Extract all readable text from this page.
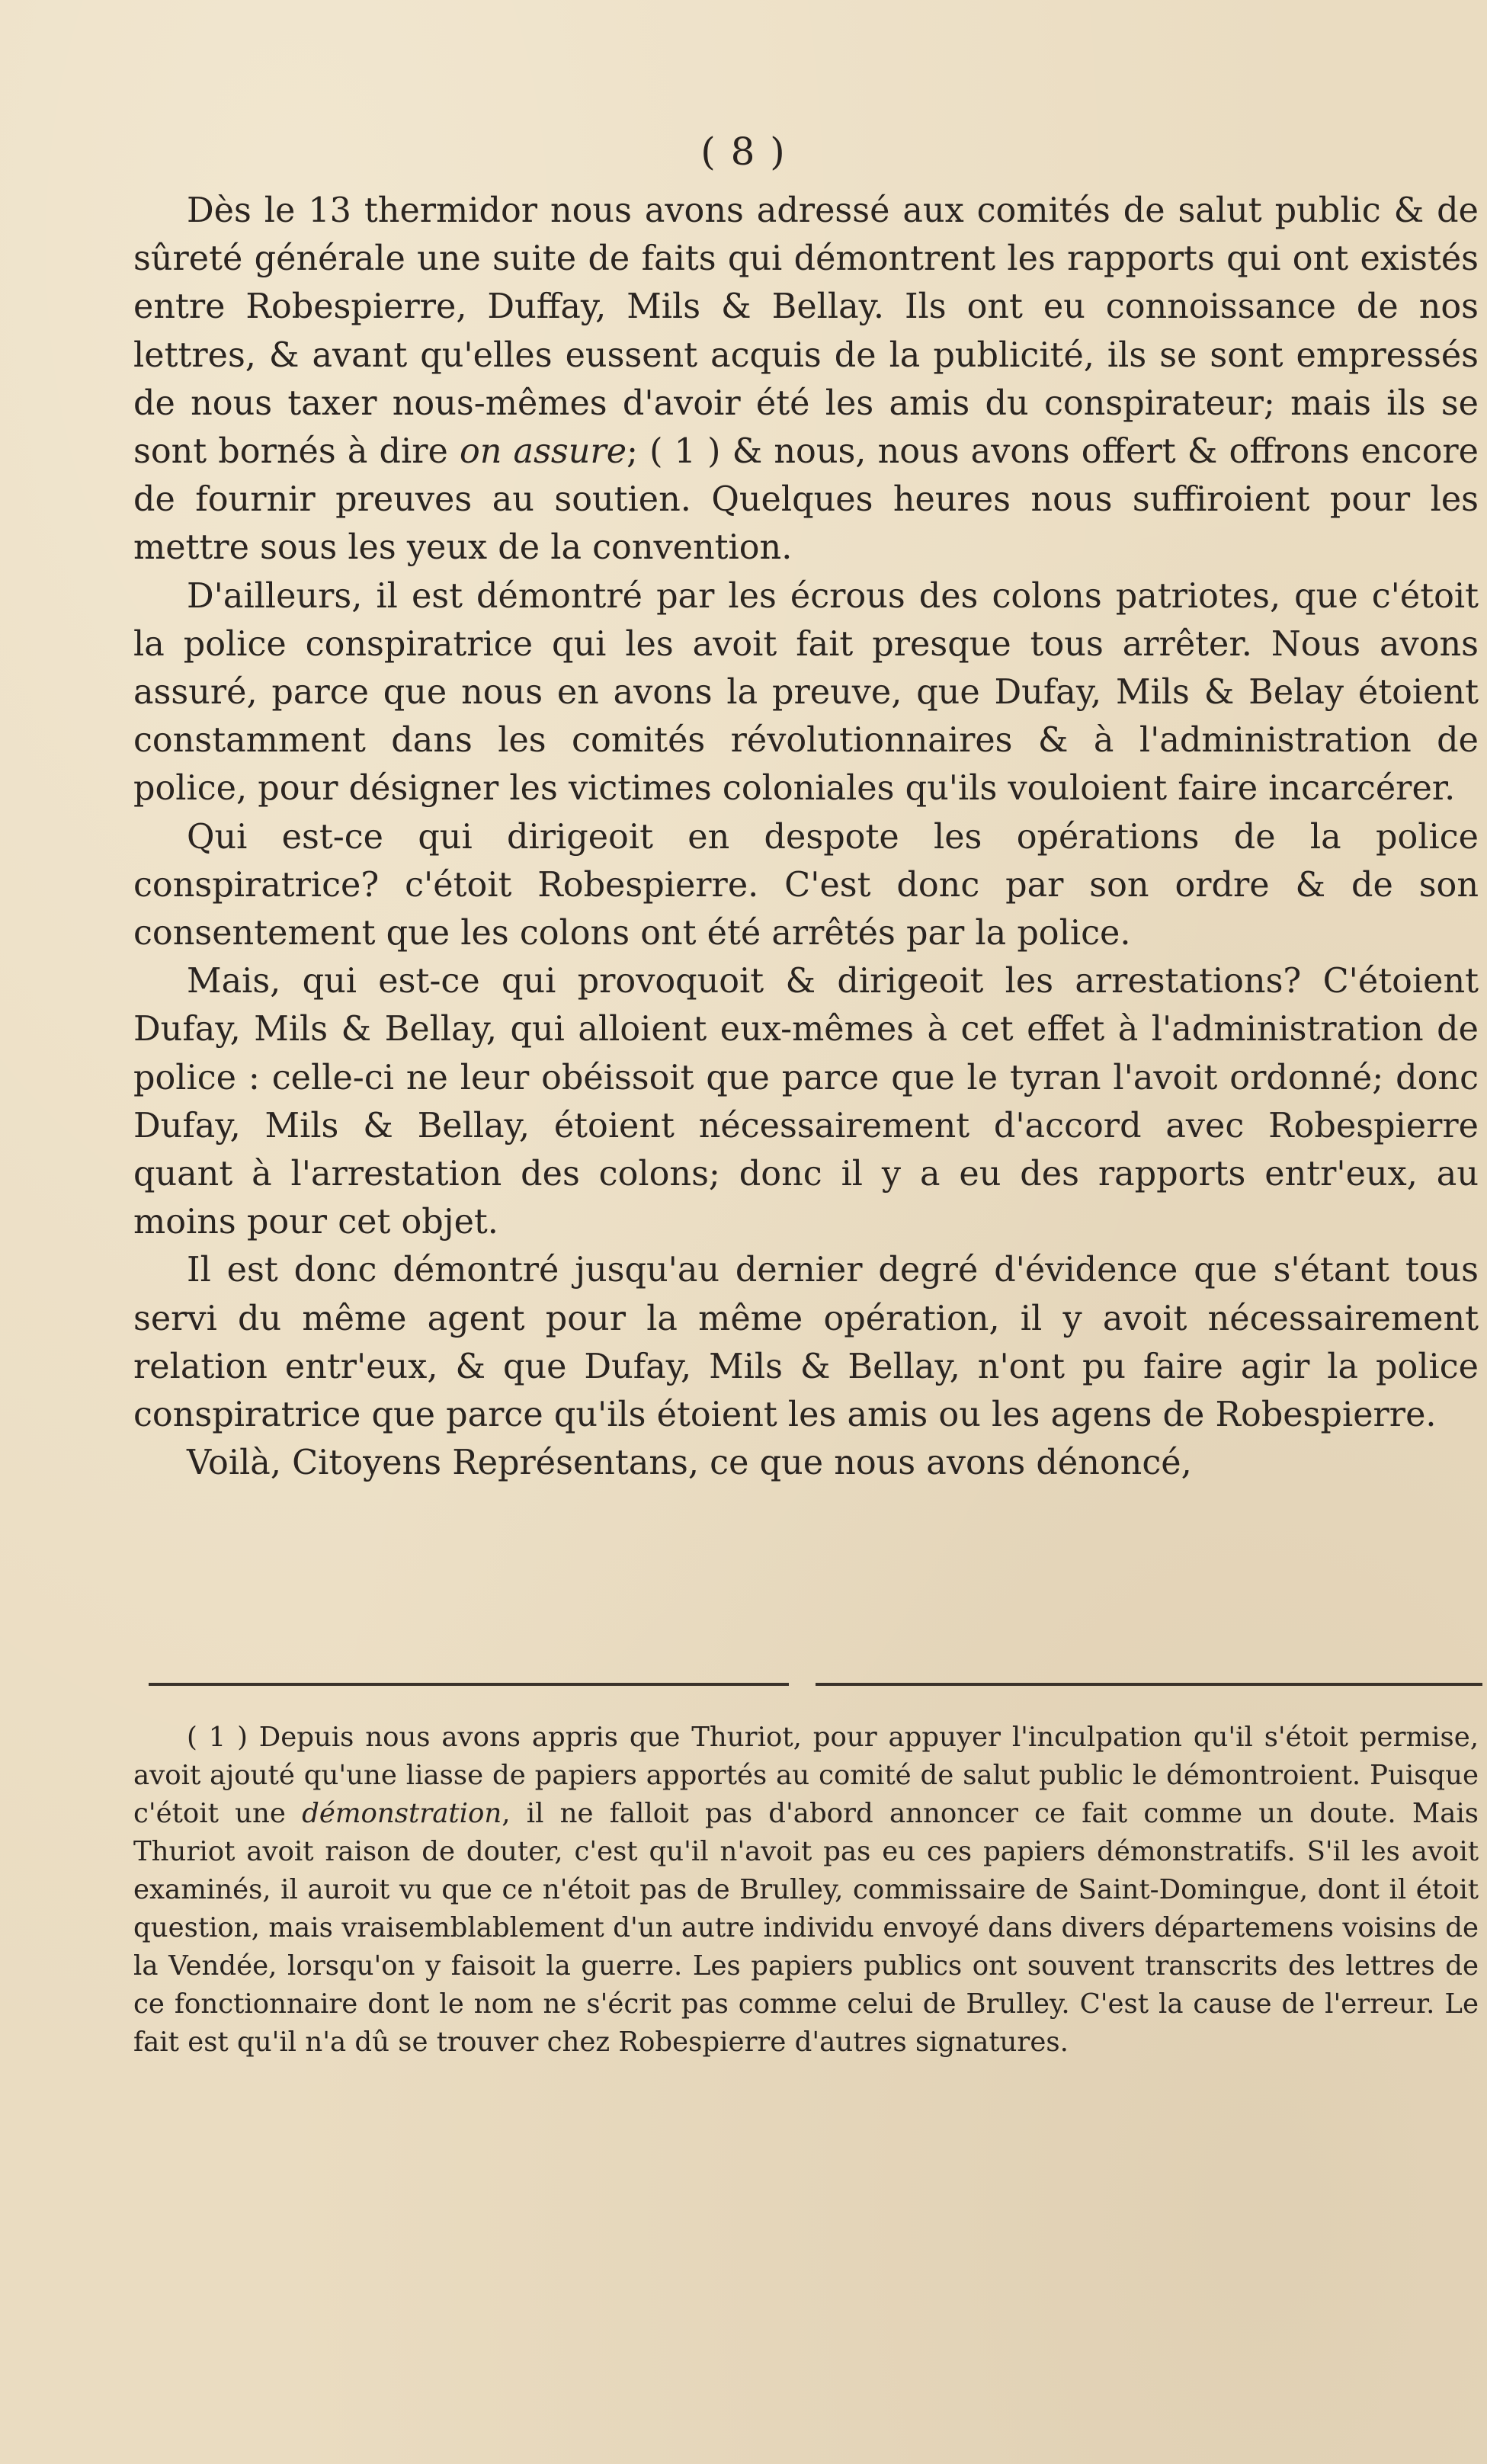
( 8 )

Dès le 13 thermidor nous avons adressé aux comités de salut public & de sûreté générale une suite de faits qui démontrent les rapports qui ont existés entre Robespierre, Duffay, Mils & Bellay. Ils ont eu connoissance de nos lettres, & avant qu'elles eussent acquis de la publicité, ils se sont empressés de nous taxer nous-mêmes d'avoir été les amis du conspirateur; mais ils se sont bornés à dire on assure; ( 1 ) & nous, nous avons offert & offrons encore de fournir preuves au soutien. Quelques heures nous suffiroient pour les mettre sous les yeux de la convention.

D'ailleurs, il est démontré par les écrous des colons patriotes, que c'étoit la police conspiratrice qui les avoit fait presque tous arrêter. Nous avons assuré, parce que nous en avons la preuve, que Dufay, Mils & Belay étoient constamment dans les comités révolutionnaires & à l'administration de police, pour désigner les victimes coloniales qu'ils vouloient faire incarcérer.

Qui est-ce qui dirigeoit en despote les opérations de la police conspiratrice? c'étoit Robespierre. C'est donc par son ordre & de son consentement que les colons ont été arrêtés par la police.

Mais, qui est-ce qui provoquoit & dirigeoit les arrestations? C'étoient Dufay, Mils & Bellay, qui alloient eux-mêmes à cet effet à l'administration de police : celle-ci ne leur obéissoit que parce que le tyran l'avoit ordonné; donc Dufay, Mils & Bellay, étoient nécessairement d'accord avec Robespierre quant à l'arrestation des colons; donc il y a eu des rapports entr'eux, au moins pour cet objet.

Il est donc démontré jusqu'au dernier degré d'évidence que s'étant tous servi du même agent pour la même opération, il y avoit nécessairement relation entr'eux, & que Dufay, Mils & Bellay, n'ont pu faire agir la police conspiratrice que parce qu'ils étoient les amis ou les agens de Robespierre.

Voilà, Citoyens Représentans, ce que nous avons dénoncé,

( 1 ) Depuis nous avons appris que Thuriot, pour appuyer l'inculpation qu'il s'étoit permise, avoit ajouté qu'une liasse de papiers apportés au comité de salut public le démontroient. Puisque c'étoit une démonstration, il ne falloit pas d'abord annoncer ce fait comme un doute. Mais Thuriot avoit raison de douter, c'est qu'il n'avoit pas eu ces papiers démonstratifs. S'il les avoit examinés, il auroit vu que ce n'étoit pas de Brulley, commissaire de Saint-Domingue, dont il étoit question, mais vraisemblablement d'un autre individu envoyé dans divers départemens voisins de la Vendée, lorsqu'on y faisoit la guerre. Les papiers publics ont souvent transcrits des lettres de ce fonctionnaire dont le nom ne s'écrit pas comme celui de Brulley. C'est la cause de l'erreur. Le fait est qu'il n'a dû se trouver chez Robespierre d'autres signatures.
